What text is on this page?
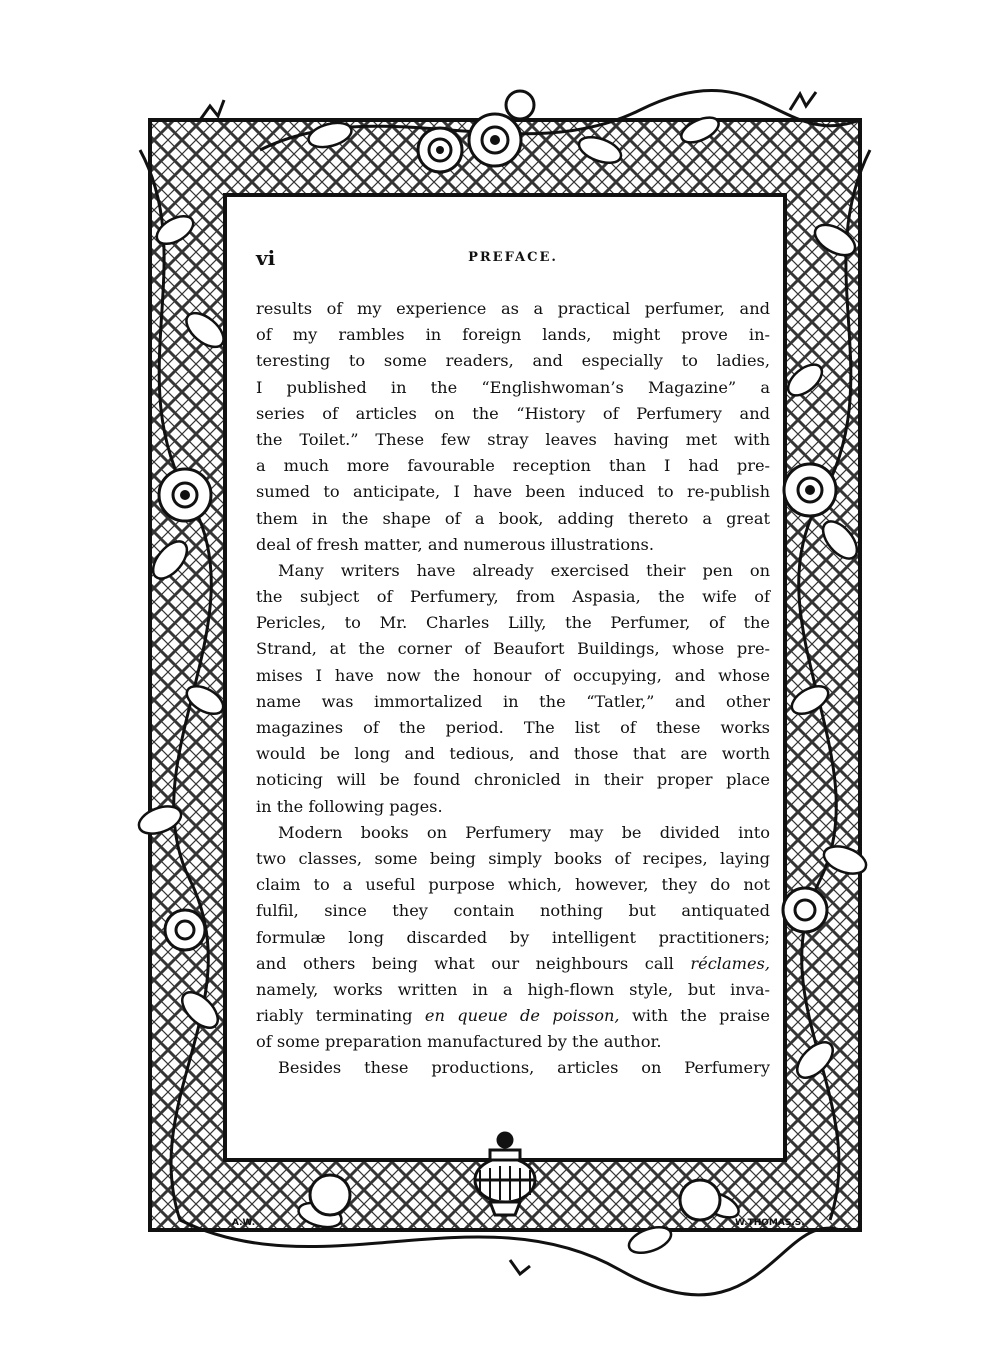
A.W.	W.THOMAS.S.
vi	PREFACE.
results of my experience as a practical perfumer, and
of my rambles in foreign lands, might prove in-
teresting to some readers, and especially to ladies,
I published in the “Englishwoman’s Magazine” a
series of articles on the “History of Perfumery and
the Toilet.” These few stray leaves having met with
a much more favourable reception than I had pre-
sumed to anticipate, I have been induced to re-publish
them in the shape of a book, adding thereto a great
deal of fresh matter, and numerous illustrations.
Many writers have already exercised their pen on
the subject of Perfumery, from Aspasia, the wife of
Pericles, to Mr. Charles Lilly, the Perfumer, of the
Strand, at the corner of Beaufort Buildings, whose pre-
mises I have now the honour of occupying, and whose
name was immortalized in the “Tatler,” and other
magazines of the period. The list of these works
would be long and tedious, and those that are worth
noticing will be found chronicled in their proper place
in the following pages.
Modern books on Perfumery may be divided into
two classes, some being simply books of recipes, laying
claim to a useful purpose which, however, they do not
fulfil, since they contain nothing but antiquated
formulæ long discarded by intelligent practitioners;
and others being what our neighbours call réclames,
namely, works written in a high-flown style, but inva-
riably terminating en queue de poisson, with the praise
of some preparation manufactured by the author.
Besides these productions, articles on Perfumery
